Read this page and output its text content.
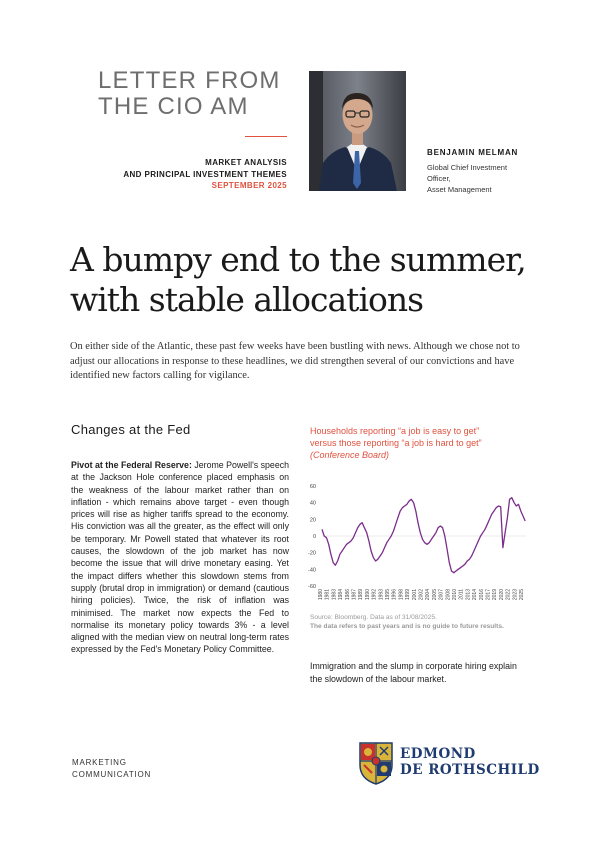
LETTER FROM
THE CIO AM
MARKET ANALYSIS
AND PRINCIPAL INVESTMENT THEMES
SEPTEMBER 2025
BENJAMIN MELMAN
Global Chief Investment
Officer,
Asset Management
A bumpy end to the summer,
with stable allocations
On either side of the Atlantic, these past few weeks have been bustling with news. Although we chose not to adjust our allocations in response to these headlines, we did strengthen several of our convictions and have identified new factors calling for vigilance.
Changes at the Fed
Pivot at the Federal Reserve: Jerome Powell's speech at the Jackson Hole conference placed emphasis on the weakness of the labour market rather than on inflation - which remains above target - even though prices will rise as higher tariffs spread to the economy. His conviction was all the greater, as the effect will only be temporary. Mr Powell stated that whatever its root causes, the slowdown of the job market has now become the issue that will drive monetary easing. Yet the impact differs whether this slowdown stems from supply (brutal drop in immigration) or demand (cautious hiring policies). Twice, the risk of inflation was minimised. The market now expects the Fed to normalise its monetary policy towards 3% - a level aligned with the median view on neutral long-term rates expressed by the Fed's Monetary Policy Committee.
Households reporting “a job is easy to get”
versus those reporting “a job is hard to get”
(Conference Board)
60
40
20
0
-20
-40
-60
1980 1981 1983 1984 1986 1987 1989 1990 1992 1993 1995 1996 1998 1999 2001 2002 2004 2005 2007 2008 2010 2011 2013 2014 2016 2017 2019 2020 2022 2023 2025
Source: Bloomberg. Data as of 31/08/2025.
The data refers to past years and is no guide to future results.
Immigration and the slump in corporate hiring explain the slowdown of the labour market.
MARKETING
COMMUNICATION
EDMOND
DE ROTHSCHILD
